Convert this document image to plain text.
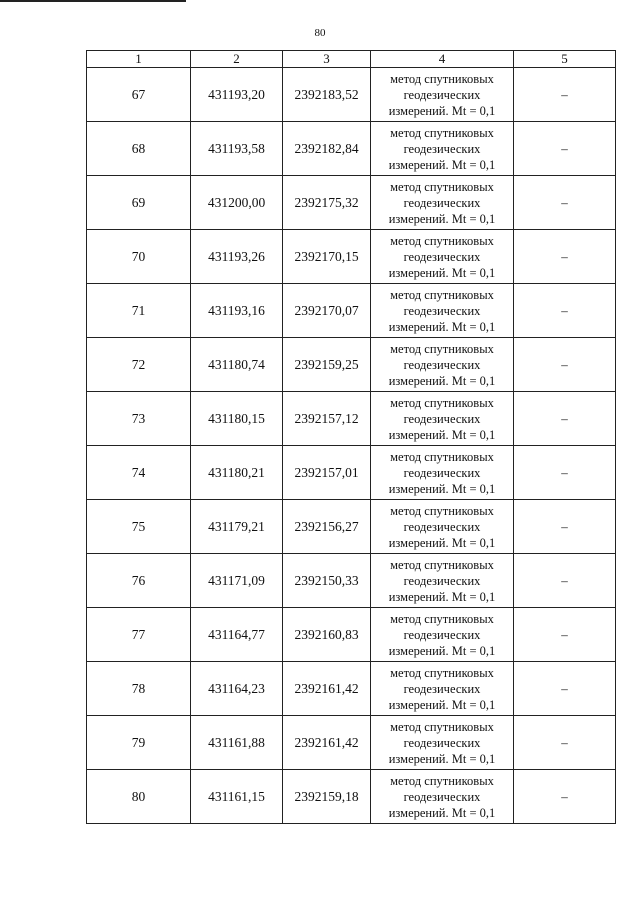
80
1	2	3	4	5
67	431193,20	2392183,52	метод спутниковых
геодезических
измерений. Mt = 0,1	–
68	431193,58	2392182,84	метод спутниковых
геодезических
измерений. Mt = 0,1	–
69	431200,00	2392175,32	метод спутниковых
геодезических
измерений. Mt = 0,1	–
70	431193,26	2392170,15	метод спутниковых
геодезических
измерений. Mt = 0,1	–
71	431193,16	2392170,07	метод спутниковых
геодезических
измерений. Mt = 0,1	–
72	431180,74	2392159,25	метод спутниковых
геодезических
измерений. Mt = 0,1	–
73	431180,15	2392157,12	метод спутниковых
геодезических
измерений. Mt = 0,1	–
74	431180,21	2392157,01	метод спутниковых
геодезических
измерений. Mt = 0,1	–
75	431179,21	2392156,27	метод спутниковых
геодезических
измерений. Mt = 0,1	–
76	431171,09	2392150,33	метод спутниковых
геодезических
измерений. Mt = 0,1	–
77	431164,77	2392160,83	метод спутниковых
геодезических
измерений. Mt = 0,1	–
78	431164,23	2392161,42	метод спутниковых
геодезических
измерений. Mt = 0,1	–
79	431161,88	2392161,42	метод спутниковых
геодезических
измерений. Mt = 0,1	–
80	431161,15	2392159,18	метод спутниковых
геодезических
измерений. Mt = 0,1	–
